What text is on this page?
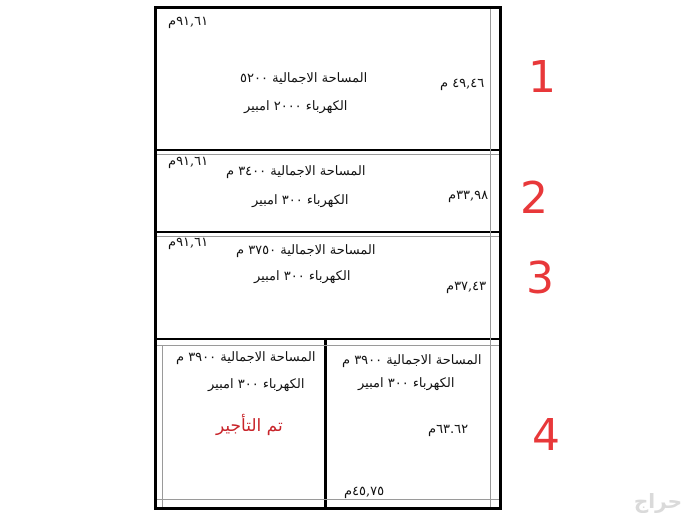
٩١,٦١م
المساحة الاجمالية ٥٢٠٠
الكهرباء ٢٠٠٠ امبير
٤٩,٤٦ م 1
٩١,٦١م
المساحة الاجمالية ٣٤٠٠ م
الكهرباء ٣٠٠ امبير	٣٣,٩٨م 2
٩١,٦١م
المساحة الاجمالية ٣٧٥٠ م
الكهرباء ٣٠٠ امبير
٣٧,٤٣م 3
المساحة الاجمالية ٣٩٠٠ م
الكهرباء ٣٠٠ امبير
تم التأجير
المساحة الاجمالية ٣٩٠٠ م
الكهرباء ٣٠٠ امبير
٦٣.٦٢م
٤٥,٧٥م
4
حراج
